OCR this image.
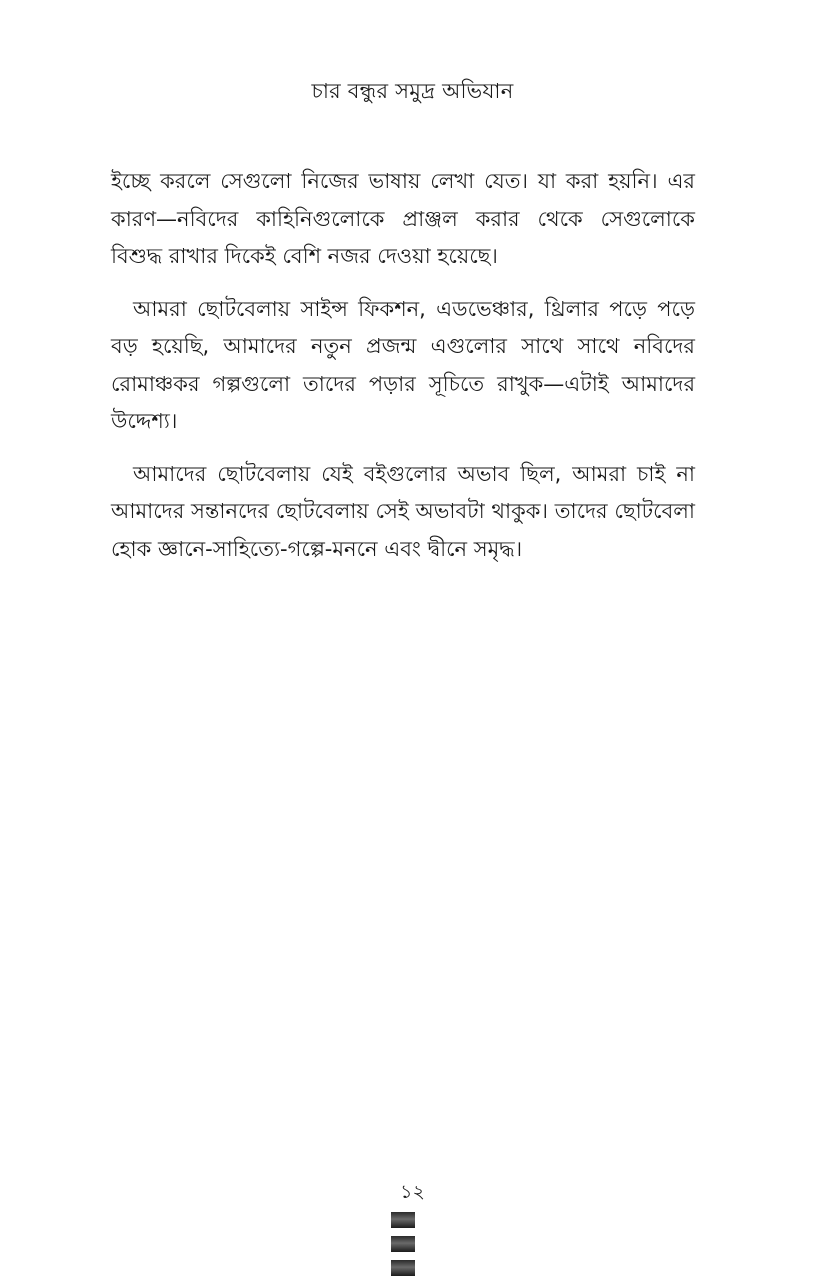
চার বন্ধুর সমুদ্র অভিযান

ইচ্ছে করলে সেগুলো নিজের ভাষায় লেখা যেত। যা করা হয়নি। এর কারণ—নবিদের কাহিনিগুলোকে প্রাঞ্জল করার থেকে সেগুলোকে বিশুদ্ধ রাখার দিকেই বেশি নজর দেওয়া হয়েছে।

আমরা ছোটবেলায় সাইন্স ফিকশন, এডভেঞ্চার, থ্রিলার পড়ে পড়ে বড় হয়েছি, আমাদের নতুন প্রজন্ম এগুলোর সাথে সাথে নবিদের রোমাঞ্চকর গল্পগুলো তাদের পড়ার সূচিতে রাখুক—এটাই আমাদের উদ্দেশ্য।

আমাদের ছোটবেলায় যেই বইগুলোর অভাব ছিল, আমরা চাই না আমাদের সন্তানদের ছোটবেলায় সেই অভাবটা থাকুক। তাদের ছোটবেলা হোক জ্ঞানে-সাহিত্যে-গল্পে-মননে এবং দ্বীনে সমৃদ্ধ।

১২
